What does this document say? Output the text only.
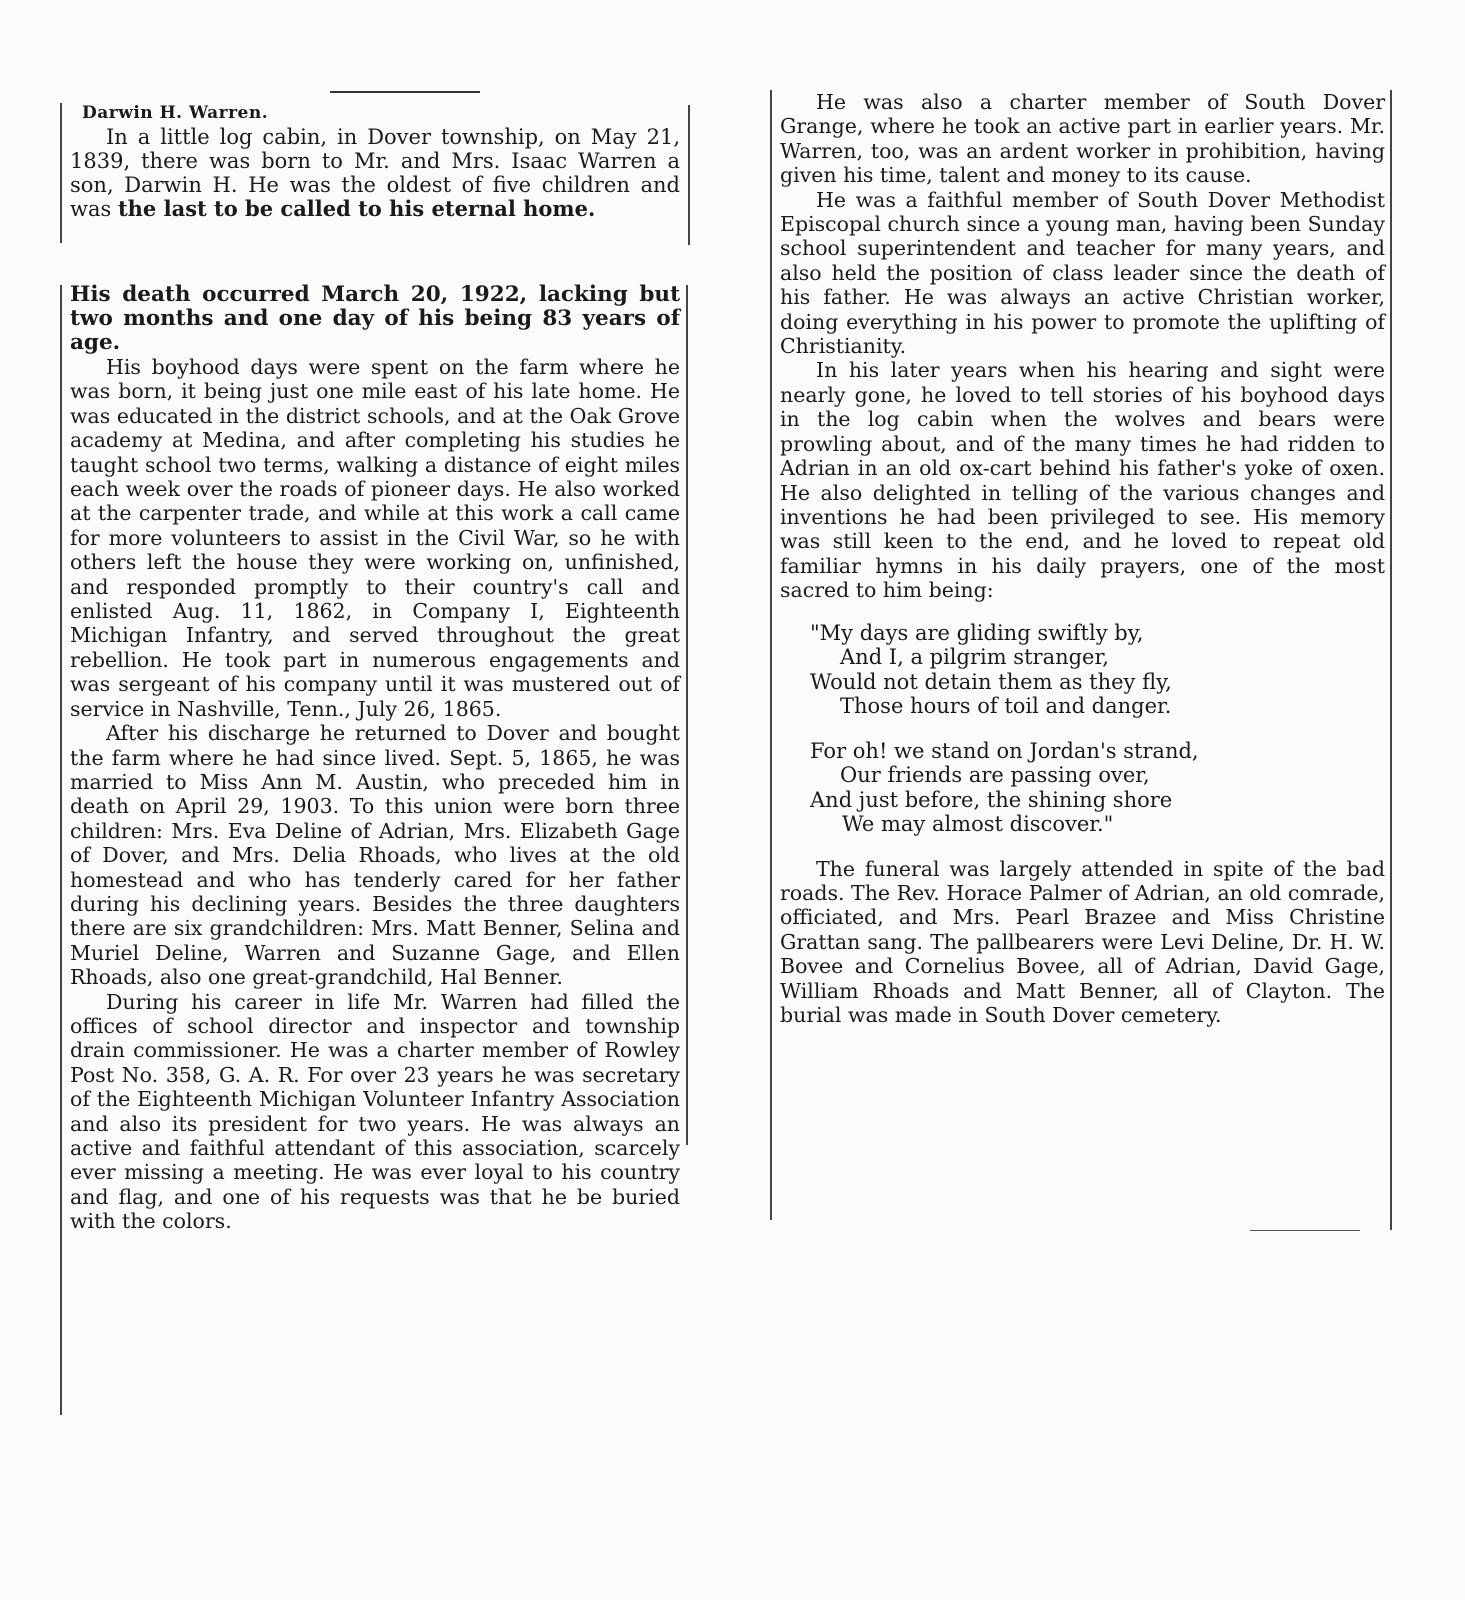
Darwin H. Warren.

In a little log cabin, in Dover township, on May 21, 1839, there was born to Mr. and Mrs. Isaac Warren a son, Darwin H. He was the oldest of five children and was the last to be called to his eternal home.

His death occurred March 20, 1922, lacking but two months and one day of his being 83 years of age.

His boyhood days were spent on the farm where he was born, it being just one mile east of his late home. He was educated in the district schools, and at the Oak Grove academy at Medina, and after completing his studies he taught school two terms, walking a distance of eight miles each week over the roads of pioneer days. He also worked at the carpenter trade, and while at this work a call came for more volunteers to assist in the Civil War, so he with others left the house they were working on, unfinished, and responded promptly to their country's call and enlisted Aug. 11, 1862, in Company I, Eighteenth Michigan Infantry, and served throughout the great rebellion. He took part in numerous engagements and was sergeant of his company until it was mustered out of service in Nashville, Tenn., July 26, 1865.

After his discharge he returned to Dover and bought the farm where he had since lived. Sept. 5, 1865, he was married to Miss Ann M. Austin, who preceded him in death on April 29, 1903. To this union were born three children: Mrs. Eva Deline of Adrian, Mrs. Elizabeth Gage of Dover, and Mrs. Delia Rhoads, who lives at the old homestead and who has tenderly cared for her father during his declining years. Besides the three daughters there are six grandchildren: Mrs. Matt Benner, Selina and Muriel Deline, Warren and Suzanne Gage, and Ellen Rhoads, also one great-grandchild, Hal Benner.

During his career in life Mr. Warren had filled the offices of school director and inspector and township drain commissioner. He was a charter member of Rowley Post No. 358, G. A. R. For over 23 years he was secretary of the Eighteenth Michigan Volunteer Infantry Association and also its president for two years. He was always an active and faithful attendant of this association, scarcely ever missing a meeting. He was ever loyal to his country and flag, and one of his requests was that he be buried with the colors.

He was also a charter member of South Dover Grange, where he took an active part in earlier years. Mr. Warren, too, was an ardent worker in prohibition, having given his time, talent and money to its cause.

He was a faithful member of South Dover Methodist Episcopal church since a young man, having been Sunday school superintendent and teacher for many years, and also held the position of class leader since the death of his father. He was always an active Christian worker, doing everything in his power to promote the uplifting of Christianity.

In his later years when his hearing and sight were nearly gone, he loved to tell stories of his boyhood days in the log cabin when the wolves and bears were prowling about, and of the many times he had ridden to Adrian in an old ox-cart behind his father's yoke of oxen. He also delighted in telling of the various changes and inventions he had been privileged to see. His memory was still keen to the end, and he loved to repeat old familiar hymns in his daily prayers, one of the most sacred to him being:

"My days are gliding swiftly by,
And I, a pilgrim stranger,
Would not detain them as they fly,
Those hours of toil and danger.
For oh! we stand on Jordan's strand,
Our friends are passing over,
And just before, the shining shore
We may almost discover."

The funeral was largely attended in spite of the bad roads. The Rev. Horace Palmer of Adrian, an old comrade, officiated, and Mrs. Pearl Brazee and Miss Christine Grattan sang. The pallbearers were Levi Deline, Dr. H. W. Bovee and Cornelius Bovee, all of Adrian, David Gage, William Rhoads and Matt Benner, all of Clayton. The burial was made in South Dover cemetery.
